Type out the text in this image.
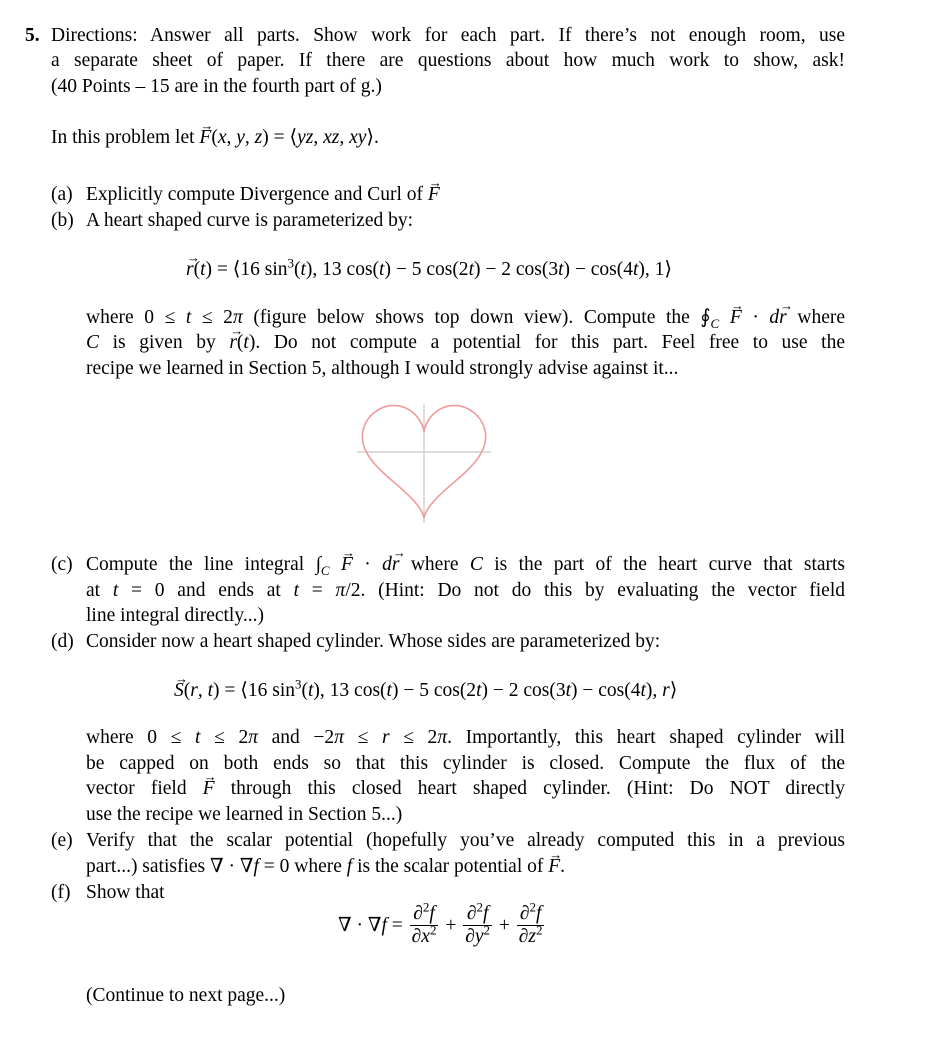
5. Directions: Answer all parts. Show work for each part. If there’s not enough room, use
a separate sheet of paper. If there are questions about how much work to show, ask!
(40 Points – 15 are in the fourth part of g.)
In this problem let → F(x, y, z) = ⟨yz, xz, xy⟩.
(a) Explicitly compute Divergence and Curl of → F
(b) A heart shaped curve is parameterized by:
→ r(t) = ⟨16 $\sin^3(t)$, 13 cos(t) − 5 cos(2t) − 2 cos(3t) − cos(4t), 1⟩
where 0 ≤ t ≤ 2π (figure below shows top down view). Compute the $∮_C \to F \cdot d\to r$ where
C is given by → r(t). Do not compute a potential for this part. Feel free to use the
recipe we learned in Section 5, although I would strongly advise against it...
(c) Compute the line integral $\int_C \to F \cdot d\to r$ where C is the part of the heart curve that starts
at t = 0 and ends at t = π/2. (Hint: Do not do this by evaluating the vector field
line integral directly...)
(d) Consider now a heart shaped cylinder. Whose sides are parameterized by:
→ S(r, t) = ⟨16 $\sin^3(t)$, 13 cos(t) − 5 cos(2t) − 2 cos(3t) − cos(4t), r⟩
where 0 ≤ t ≤ 2π and −2π ≤ r ≤ 2π. Importantly, this heart shaped cylinder will
be capped on both ends so that this cylinder is closed. Compute the flux of the
vector field → F through this closed heart shaped cylinder. (Hint: Do NOT directly
use the recipe we learned in Section 5...)
(e) Verify that the scalar potential (hopefully you’ve already computed this in a previous
part...) satisfies ∇ · ∇f = 0 where f is the scalar potential of → F.
(f) Show that
∇ · $\nabla f = \frac{\partial^2f}{\partial x^2} + \frac{\partial^2f}{\partial y^2} + \frac{\partial^2f}{\partial z^2}$
(Continue to next page...)
